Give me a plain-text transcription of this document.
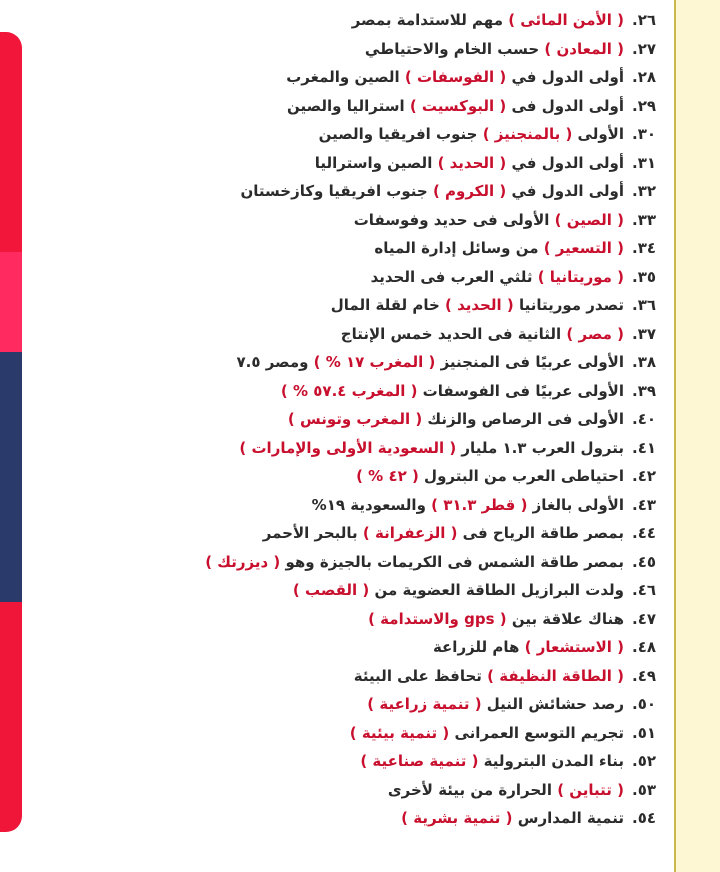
٢٦.( الأمن المائى ) مهم للاستدامة بمصر
٢٧.( المعادن ) حسب الخام والاحتياطي
٢٨.أولى الدول في ( الفوسفات ) الصين والمغرب
٢٩.أولى الدول فى ( البوكسيت ) استراليا والصين
٣٠.الأولى ( بالمنجنيز ) جنوب افريقيا والصين
٣١.أولى الدول في ( الحديد ) الصين واستراليا
٣٢.أولى الدول في ( الكروم ) جنوب افريقيا وكازخستان
٣٣.( الصين ) الأولى فى حديد وفوسفات
٣٤.( التسعير ) من وسائل إدارة المياه
٣٥.( موريتانيا ) ثلثي العرب فى الحديد
٣٦.تصدر موريتانيا ( الحديد ) خام لقلة المال
٣٧.( مصر ) الثانية فى الحديد خمس الإنتاج
٣٨.الأولى عربيًا فى المنجنيز ( المغرب ١٧ % ) ومصر ٧.٥
٣٩.الأولى عربيًا فى الفوسفات ( المغرب ٥٧.٤ % )
٤٠.الأولى فى الرصاص والزنك ( المغرب وتونس )
٤١.بترول العرب ١.٣ مليار ( السعودية الأولى والإمارات )
٤٢.احتياطى العرب من البترول ( ٤٢ % )
٤٣.الأولى بالغاز ( قطر ٣١.٣ ) والسعودية ١٩%
٤٤.بمصر طاقة الرياح فى ( الزعفرانة ) بالبحر الأحمر
٤٥.بمصر طاقة الشمس فى الكريمات بالجيزة وهو ( ديزرتك )
٤٦.ولدت البرازيل الطاقة العضوية من ( القصب )
٤٧.هناك علاقة بين ( gps والاستدامة )
٤٨.( الاستشعار ) هام للزراعة
٤٩.( الطاقة النظيفة ) تحافظ على البيئة
٥٠.رصد حشائش النيل ( تنمية زراعية )
٥١.تجريم التوسع العمرانى ( تنمية بيئية )
٥٢.بناء المدن البترولية ( تنمية صناعية )
٥٣.( تتباين ) الحرارة من بيئة لأخرى
٥٤.تنمية المدارس ( تنمية بشرية )
